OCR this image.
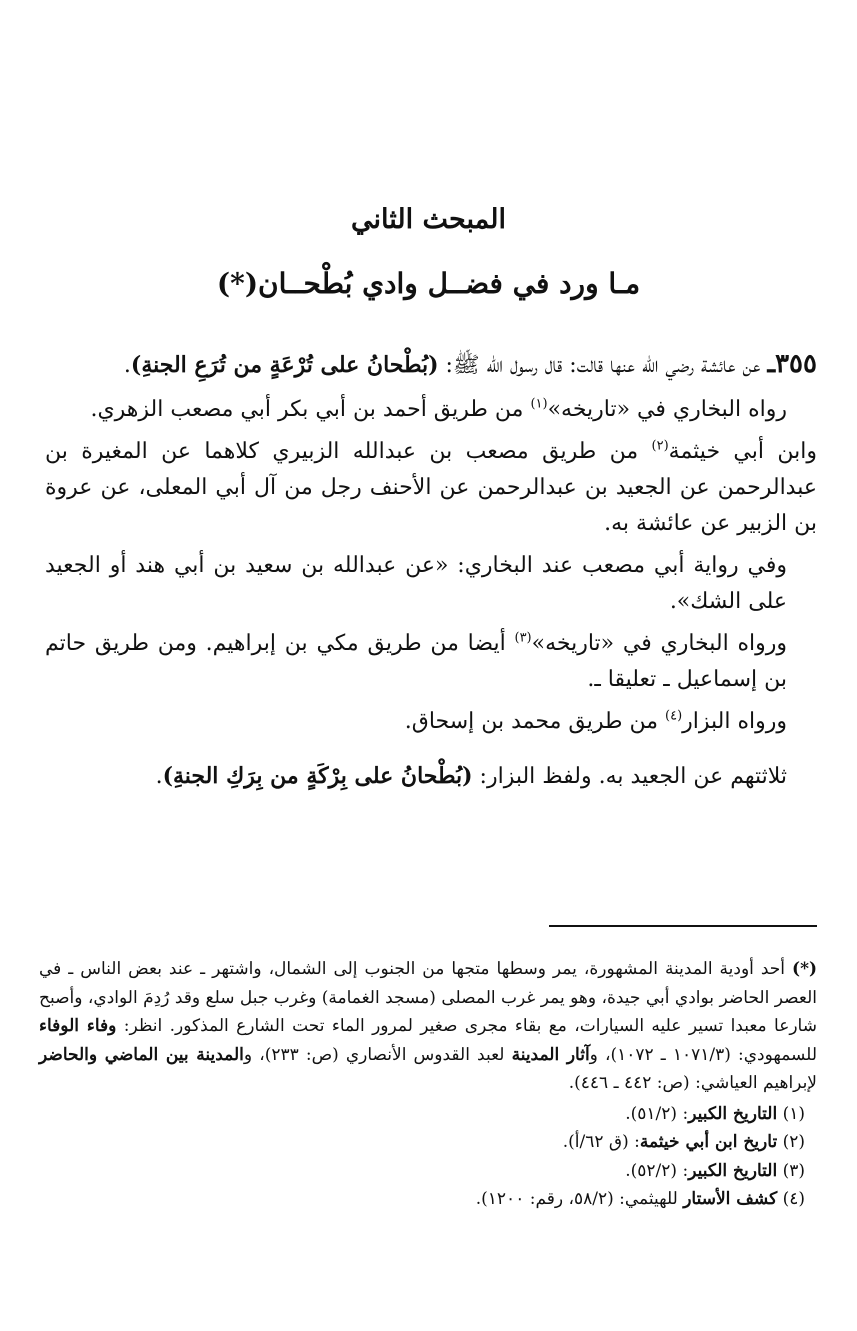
المبحث الثاني
مـا ورد في فضــل وادي بُطْحــان(*)

٣٥٥ـ عن عائشة رضي الله عنها قالت: قال رسول الله ﷺ: (بُطْحانُ على تُرْعَةٍ من تُرَعِ الجنةِ).

رواه البخاري في «تاريخه»$^{(١)}$ من طريق أحمد بن أبي بكر أبي مصعب الزهري.

وابن أبي خيثمة$^{(٢)}$ من طريق مصعب بن عبدالله الزبيري كلاهما عن المغيرة بن عبدالرحمن عن الجعيد بن عبدالرحمن عن الأحنف رجل من آل أبي المعلى، عن عروة بن الزبير عن عائشة به.

وفي رواية أبي مصعب عند البخاري: «عن عبدالله بن سعيد بن أبي هند أو الجعيد على الشك».

ورواه البخاري في «تاريخه»$^{(٣)}$ أيضا من طريق مكي بن إبراهيم. ومن طريق حاتم بن إسماعيل ـ تعليقا ـ.

ورواه البزار$^{(٤)}$ من طريق محمد بن إسحاق.

ثلاثتهم عن الجعيد به. ولفظ البزار: (بُطْحانُ على بِرْكَةٍ من بِرَكِ الجنةِ).

(*) أحد أودية المدينة المشهورة، يمر وسطها متجها من الجنوب إلى الشمال، واشتهر ـ عند بعض الناس ـ في العصر الحاضر بوادي أبي جيدة، وهو يمر غرب المصلى (مسجد الغمامة) وغرب جبل سلع وقد رُدِمَ الوادي، وأصبح شارعا معبدا تسير عليه السيارات، مع بقاء مجرى صغير لمرور الماء تحت الشارع المذكور. انظر: وفاء الوفاء للسمهودي: (١٠٧١/٣ ـ ١٠٧٢)، وآثار المدينة لعبد القدوس الأنصاري (ص: ٢٣٣)، والمدينة بين الماضي والحاضر لإبراهيم العياشي: (ص: ٤٤٢ ـ ٤٤٦).

(١) التاريخ الكبير: (٥١/٢).

(٢) تاريخ ابن أبي خيثمة: (ق ٦٢/أ).

(٣) التاريخ الكبير: (٥٢/٢).

(٤) كشف الأستار للهيثمي: (٥٨/٢، رقم: ١٢٠٠).
